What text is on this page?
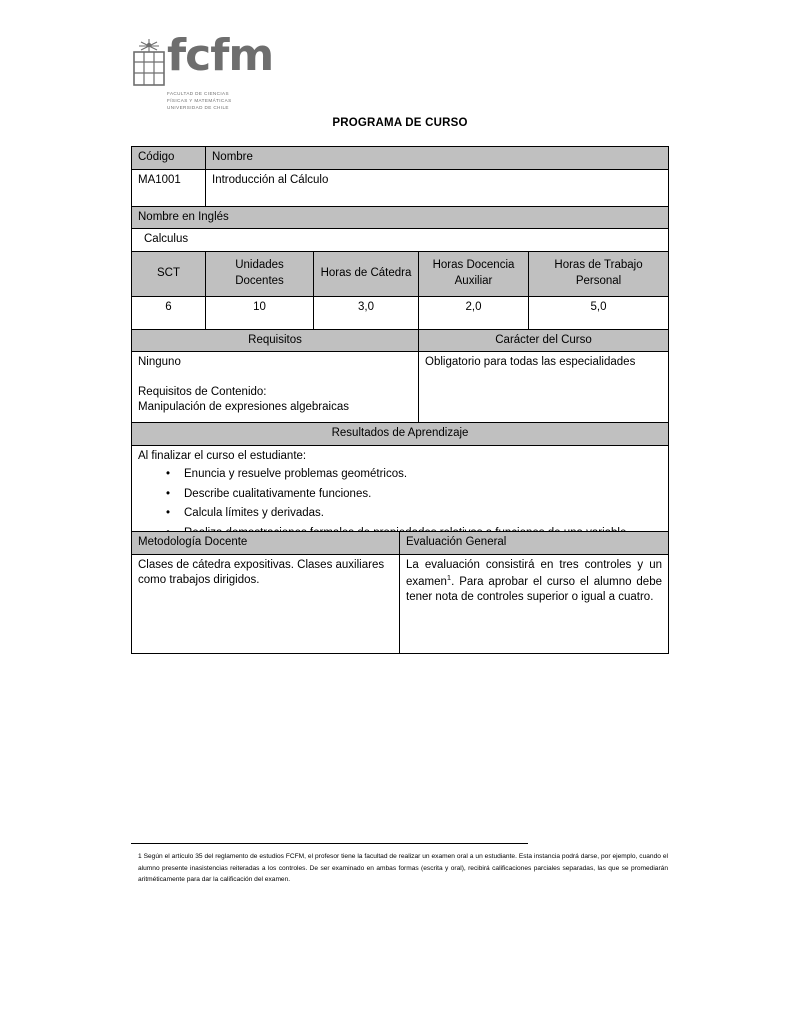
fcfm
FACULTAD DE CIENCIAS
FÍSICAS Y MATEMÁTICAS
UNIVERSIDAD DE CHILE
PROGRAMA DE CURSO
Código	Nombre			
MA1001	Introducción al Cálculo			
Nombre en Inglés				
Calculus				
SCT	Unidades Docentes	Horas de Cátedra	Horas Docencia Auxiliar	Horas de Trabajo Personal
6	10	3,0	2,0	5,0
Requisitos			Carácter del Curso	

Ninguno
Requisitos de Contenido:
Manipulación de expresiones algebraicas			Obligatorio para todas las especialidades	
Resultados de Aprendizaje				

Al finalizar el curso el estudiante:
• Enuncia y resuelve problemas geométricos.
• Describe cualitativamente funciones.
• Calcula límites y derivadas.
•
Metodología Docente	Evaluación General
Clases de cátedra expositivas. Clases auxiliares como trabajos dirigidos.	La evaluación consistirá en tres controles y un examen$^1$. Para aprobar el curso el alumno debe tener nota de controles superior o igual a cuatro.
1 Según el artículo 35 del reglamento de estudios FCFM, el profesor tiene la facultad de realizar un examen oral a un estudiante. Esta instancia podrá darse, por ejemplo, cuando el alumno presente inasistencias reiteradas a los controles. De ser examinado en ambas formas (escrita y oral), recibirá calificaciones parciales separadas, las que se promediarán aritméticamente para dar la calificación del examen.
